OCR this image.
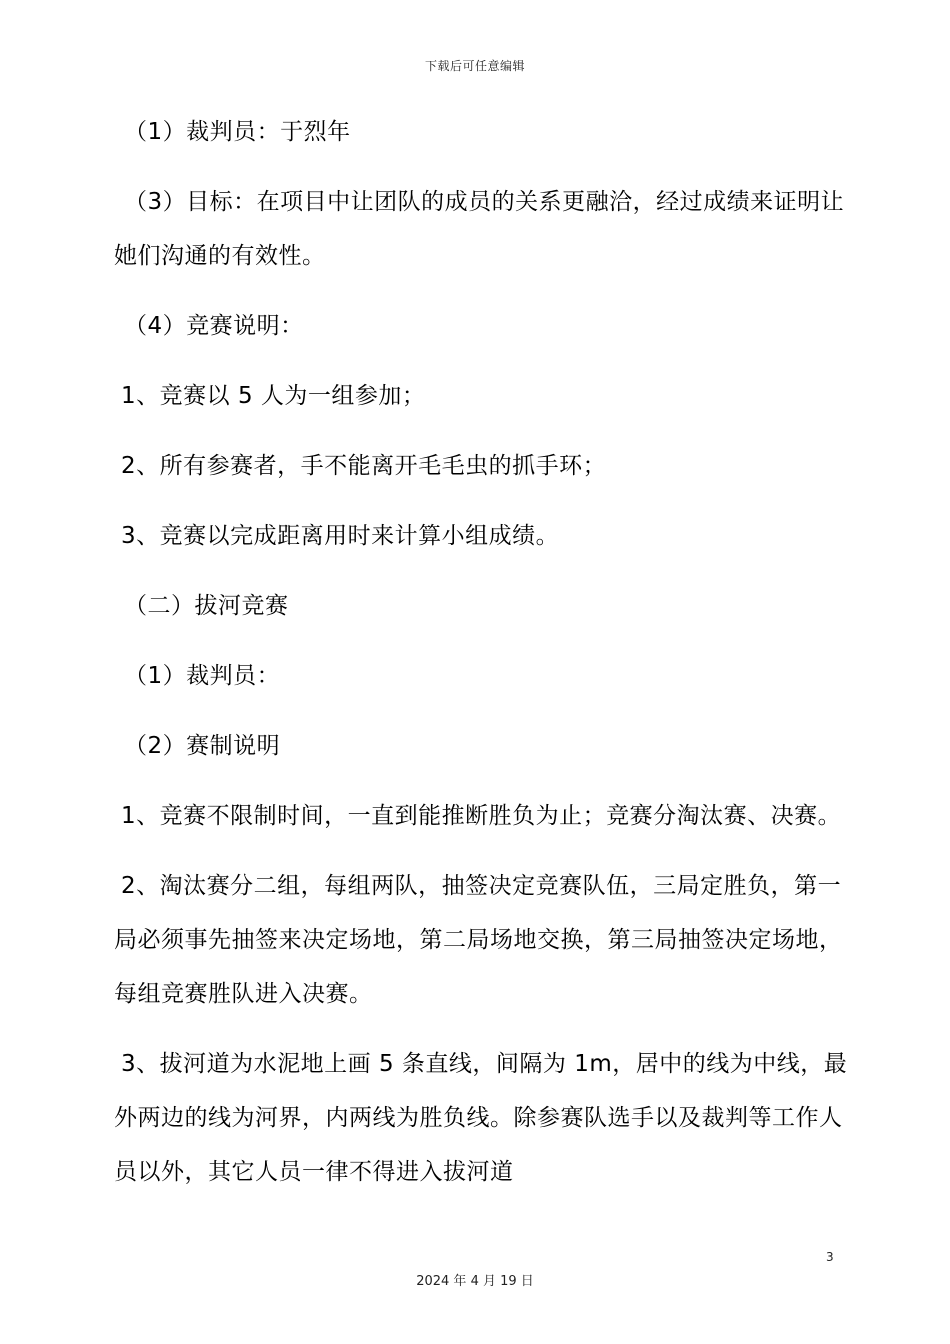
下载后可任意编辑
（1）裁判员：于烈年
（3）目标：在项目中让团队的成员的关系更融洽，经过成绩来证明让
她们沟通的有效性。
（4）竞赛说明：
1、竞赛以 5 人为一组参加；
2、所有参赛者，手不能离开毛毛虫的抓手环；
3、竞赛以完成距离用时来计算小组成绩。
（二）拔河竞赛
（1）裁判员：
（2）赛制说明
1、竞赛不限制时间，一直到能推断胜负为止；竞赛分淘汰赛、决赛。
2、淘汰赛分二组，每组两队，抽签决定竞赛队伍，三局定胜负，第一
局必须事先抽签来决定场地，第二局场地交换，第三局抽签决定场地，
每组竞赛胜队进入决赛。
3、拔河道为水泥地上画 5 条直线，间隔为 1m，居中的线为中线，最
外两边的线为河界，内两线为胜负线。除参赛队选手以及裁判等工作人
员以外，其它人员一律不得进入拔河道
3
2024 年 4 月 19 日
